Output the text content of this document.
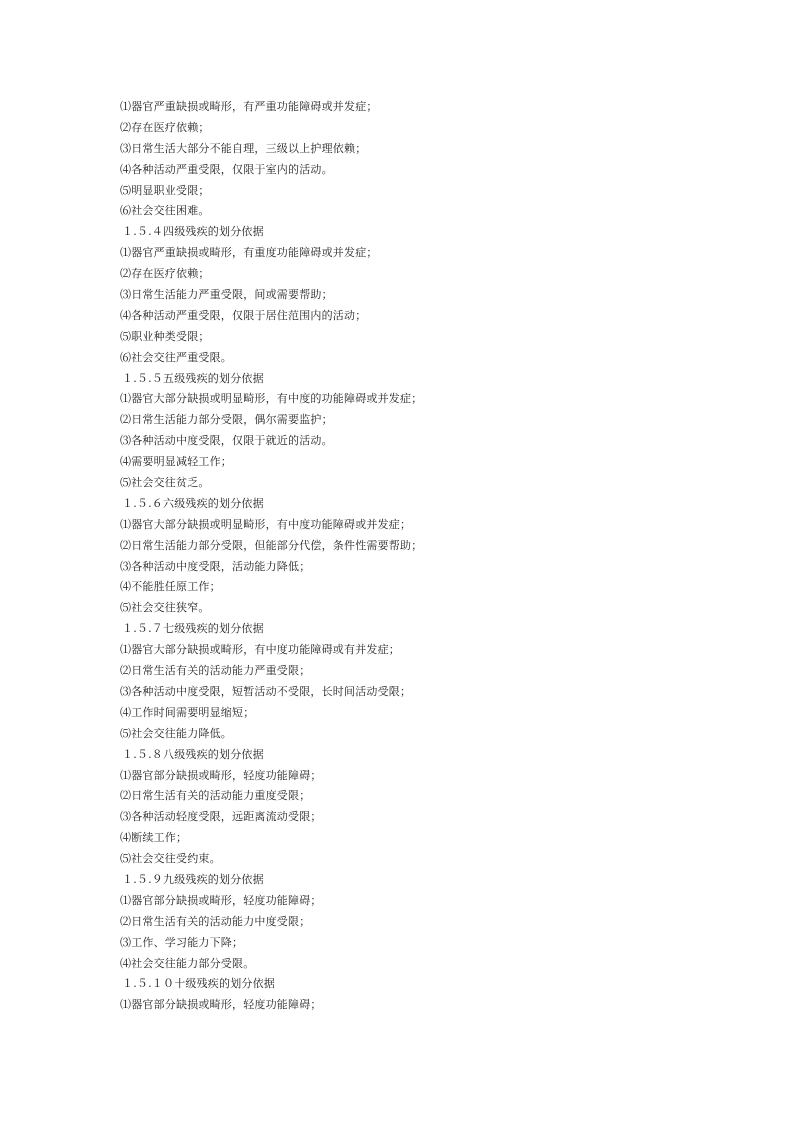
⑴器官严重缺损或畸形，有严重功能障碍或并发症；
⑵存在医疗依赖；
⑶日常生活大部分不能自理，三级以上护理依赖；
⑷各种活动严重受限，仅限于室内的活动。
⑸明显职业受限；
⑹社会交往困难。
１.５.４四级残疾的划分依据
⑴器官严重缺损或畸形，有重度功能障碍或并发症；
⑵存在医疗依赖；
⑶日常生活能力严重受限，间或需要帮助；
⑷各种活动严重受限，仅限于居住范围内的活动；
⑸职业种类受限；
⑹社会交往严重受限。
１.５.５五级残疾的划分依据
⑴器官大部分缺损或明显畸形，有中度的功能障碍或并发症；
⑵日常生活能力部分受限，偶尔需要监护；
⑶各种活动中度受限，仅限于就近的活动。
⑷需要明显减轻工作；
⑸社会交往贫乏。
１.５.６六级残疾的划分依据
⑴器官大部分缺损或明显畸形，有中度功能障碍或并发症；
⑵日常生活能力部分受限，但能部分代偿，条件性需要帮助；
⑶各种活动中度受限，活动能力降低；
⑷不能胜任原工作；
⑸社会交往狭窄。
１.５.７七级残疾的划分依据
⑴器官大部分缺损或畸形，有中度功能障碍或有并发症；
⑵日常生活有关的活动能力严重受限；
⑶各种活动中度受限，短暂活动不受限，长时间活动受限；
⑷工作时间需要明显缩短；
⑸社会交往能力降低。
１.５.８八级残疾的划分依据
⑴器官部分缺损或畸形，轻度功能障碍；
⑵日常生活有关的活动能力重度受限；
⑶各种活动轻度受限，远距离流动受限；
⑷断续工作；
⑸社会交往受约束。
１.５.９九级残疾的划分依据
⑴器官部分缺损或畸形，轻度功能障碍；
⑵日常生活有关的活动能力中度受限；
⑶工作、学习能力下降；
⑷社会交往能力部分受限。
１.５.１０十级残疾的划分依据
⑴器官部分缺损或畸形，轻度功能障碍；
